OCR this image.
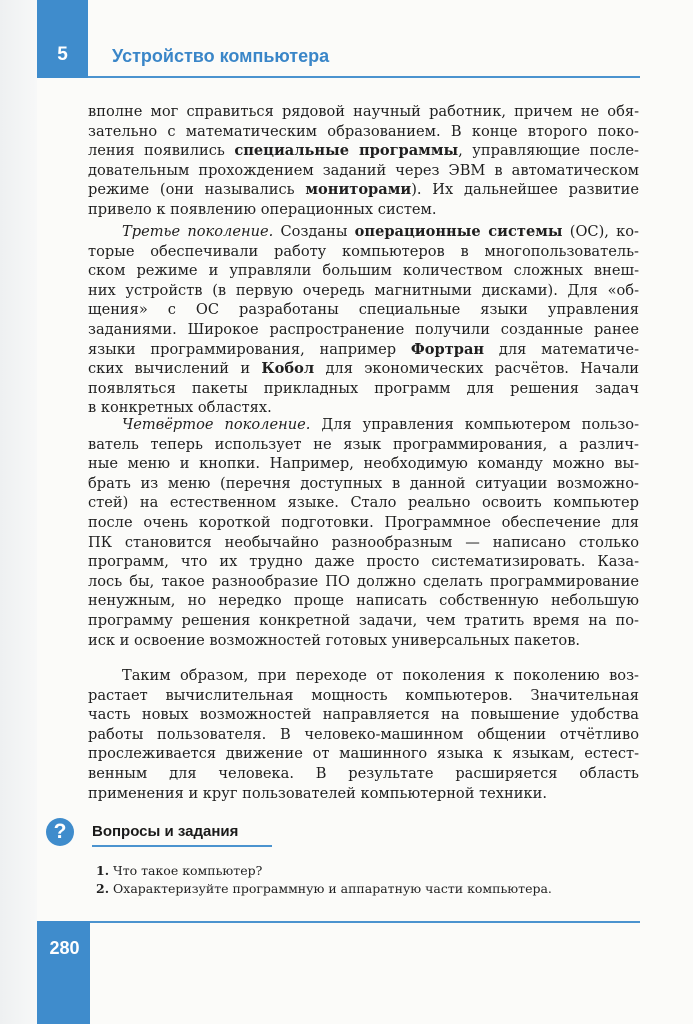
5	Устройство компьютера
вполне мог справиться рядовой научный работник, причем не обя-
зательно с математическим образованием. В конце второго поко-
ления появились специальные программы, управляющие после-
довательным прохождением заданий через ЭВМ в автоматическом
режиме (они назывались мониторами). Их дальнейшее развитие
привело к появлению операционных систем.
Третье поколение. Созданы операционные системы (ОС), ко-
торые обеспечивали работу компьютеров в многопользователь-
ском режиме и управляли большим количеством сложных внеш-
них устройств (в первую очередь магнитными дисками). Для «об-
щения» с ОС разработаны специальные языки управления
заданиями. Широкое распространение получили созданные ранее
языки программирования, например Фортран для математиче-
ских вычислений и Кобол для экономических расчётов. Начали
появляться пакеты прикладных программ для решения задач
в конкретных областях.
Четвёртое поколение. Для управления компьютером пользо-
ватель теперь использует не язык программирования, а различ-
ные меню и кнопки. Например, необходимую команду можно вы-
брать из меню (перечня доступных в данной ситуации возможно-
стей) на естественном языке. Стало реально освоить компьютер
после очень короткой подготовки. Программное обеспечение для
ПК становится необычайно разнообразным — написано столько
программ, что их трудно даже просто систематизировать. Каза-
лось бы, такое разнообразие ПО должно сделать программирование
ненужным, но нередко проще написать собственную небольшую
программу решения конкретной задачи, чем тратить время на по-
иск и освоение возможностей готовых универсальных пакетов.
Таким образом, при переходе от поколения к поколению воз-
растает вычислительная мощность компьютеров. Значительная
часть новых возможностей направляется на повышение удобства
работы пользователя. В человеко-машинном общении отчётливо
прослеживается движение от машинного языка к языкам, естест-
венным для человека. В результате расширяется область
применения и круг пользователей компьютерной техники.
?	Вопросы и задания
1. Что такое компьютер?
2. Охарактеризуйте программную и аппаратную части компьютера.
280
